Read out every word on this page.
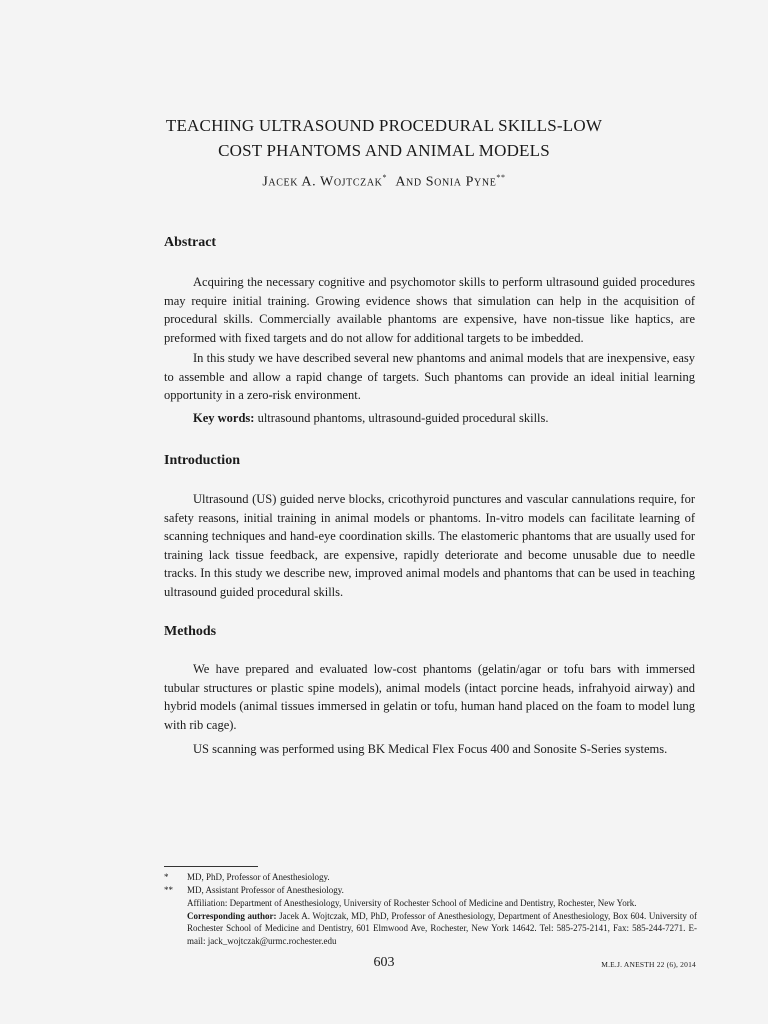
TEACHING ULTRASOUND PROCEDURAL SKILLS-LOW
COST PHANTOMS AND ANIMAL MODELS
Jacek A. Wojtczak* And Sonia Pyne**
Abstract

Acquiring the necessary cognitive and psychomotor skills to perform ultrasound guided procedures may require initial training. Growing evidence shows that simulation can help in the acquisition of procedural skills. Commercially available phantoms are expensive, have non-tissue like haptics, are preformed with fixed targets and do not allow for additional targets to be imbedded.

In this study we have described several new phantoms and animal models that are inexpensive, easy to assemble and allow a rapid change of targets. Such phantoms can provide an ideal initial learning opportunity in a zero-risk environment.

Key words: ultrasound phantoms, ultrasound-guided procedural skills.

Introduction

Ultrasound (US) guided nerve blocks, cricothyroid punctures and vascular cannulations require, for safety reasons, initial training in animal models or phantoms. In-vitro models can facilitate learning of scanning techniques and hand-eye coordination skills. The elastomeric phantoms that are usually used for training lack tissue feedback, are expensive, rapidly deteriorate and become unusable due to needle tracks. In this study we describe new, improved animal models and phantoms that can be used in teaching ultrasound guided procedural skills.

Methods

We have prepared and evaluated low-cost phantoms (gelatin/agar or tofu bars with immersed tubular structures or plastic spine models), animal models (intact porcine heads, infrahyoid airway) and hybrid models (animal tissues immersed in gelatin or tofu, human hand placed on the foam to model lung with rib cage).

US scanning was performed using BK Medical Flex Focus 400 and Sonosite S-Series systems.

*	MD, PhD, Professor of Anesthesiology.
**	MD, Assistant Professor of Anesthesiology.
Affiliation: Department of Anesthesiology, University of Rochester School of Medicine and Dentistry, Rochester, New York.
Corresponding author: Jacek A. Wojtczak, MD, PhD, Professor of Anesthesiology, Department of Anesthesiology, Box 604. University of Rochester School of Medicine and Dentistry, 601 Elmwood Ave, Rochester, New York 14642. Tel: 585-275-2141, Fax: 585-244-7271. E-mail: jack_wojtczak@urmc.rochester.edu
603	M.E.J. ANESTH 22 (6), 2014
